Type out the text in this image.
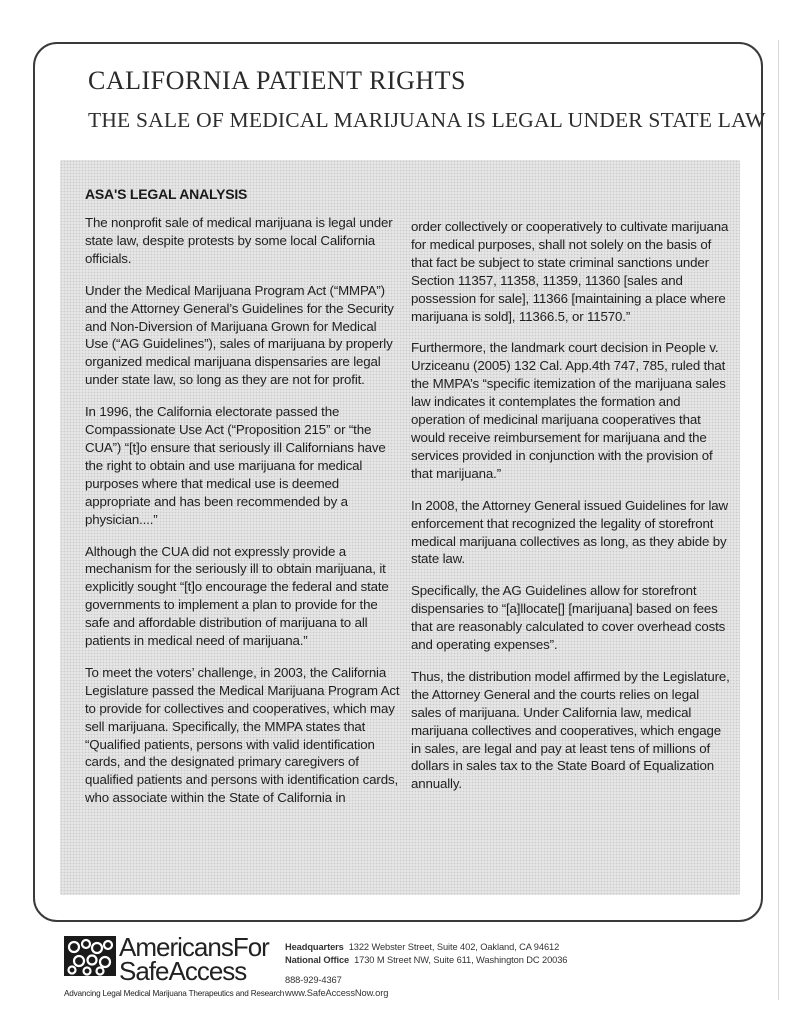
CALIFORNIA PATIENT RIGHTS
THE SALE OF MEDICAL MARIJUANA IS LEGAL UNDER STATE LAW
ASA'S LEGAL ANALYSIS

The nonprofit sale of medical marijuana is legal under state law, despite protests by some local California officials.

Under the Medical Marijuana Program Act (“MMPA”) and the Attorney General’s Guidelines for the Security and Non-Diversion of Marijuana Grown for Medical Use (“AG Guidelines”), sales of marijuana by properly organized medical marijuana dispensaries are legal under state law, so long as they are not for profit.

In 1996, the California electorate passed the Compassionate Use Act (“Proposition 215” or “the CUA”) “[t]o ensure that seriously ill Californians have the right to obtain and use marijuana for medical purposes where that medical use is deemed appropriate and has been recommended by a physician....”

Although the CUA did not expressly provide a mechanism for the seriously ill to obtain marijuana, it explicitly sought “[t]o encourage the federal and state governments to implement a plan to provide for the safe and affordable distribution of marijuana to all patients in medical need of marijuana.”

To meet the voters’ challenge, in 2003, the California Legislature passed the Medical Marijuana Program Act to provide for collectives and cooperatives, which may sell marijuana. Specifically, the MMPA states that “Qualified patients, persons with valid identification cards, and the designated primary caregivers of qualified patients and persons with identification cards, who associate within the State of California in

order collectively or cooperatively to cultivate marijuana for medical purposes, shall not solely on the basis of that fact be subject to state criminal sanctions under Section 11357, 11358, 11359, 11360 [sales and possession for sale], 11366 [maintaining a place where marijuana is sold], 11366.5, or 11570.”

Furthermore, the landmark court decision in People v. Urziceanu (2005) 132 Cal. App.4th 747, 785, ruled that the MMPA’s “specific itemization of the marijuana sales law indicates it contemplates the formation and operation of medicinal marijuana cooperatives that would receive reimbursement for marijuana and the services provided in conjunction with the provision of that marijuana.”

In 2008, the Attorney General issued Guidelines for law enforcement that recognized the legality of storefront medical marijuana collectives as long, as they abide by state law.

Specifically, the AG Guidelines allow for storefront dispensaries to “[a]llocate[] [marijuana] based on fees that are reasonably calculated to cover overhead costs and operating expenses”.

Thus, the distribution model affirmed by the Legislature, the Attorney General and the courts relies on legal sales of marijuana. Under California law, medical marijuana collectives and cooperatives, which engage in sales, are legal and pay at least tens of millions of dollars in sales tax to the State Board of Equalization annually.

AmericansFor

SafeAccess

Advancing Legal Medical Marijuana Therapeutics and Research

Headquarters 1322 Webster Street, Suite 402, Oakland, CA 94612
National Office 1730 M Street NW, Suite 611, Washington DC 20036
888-929-4367
www.SafeAccessNow.org
